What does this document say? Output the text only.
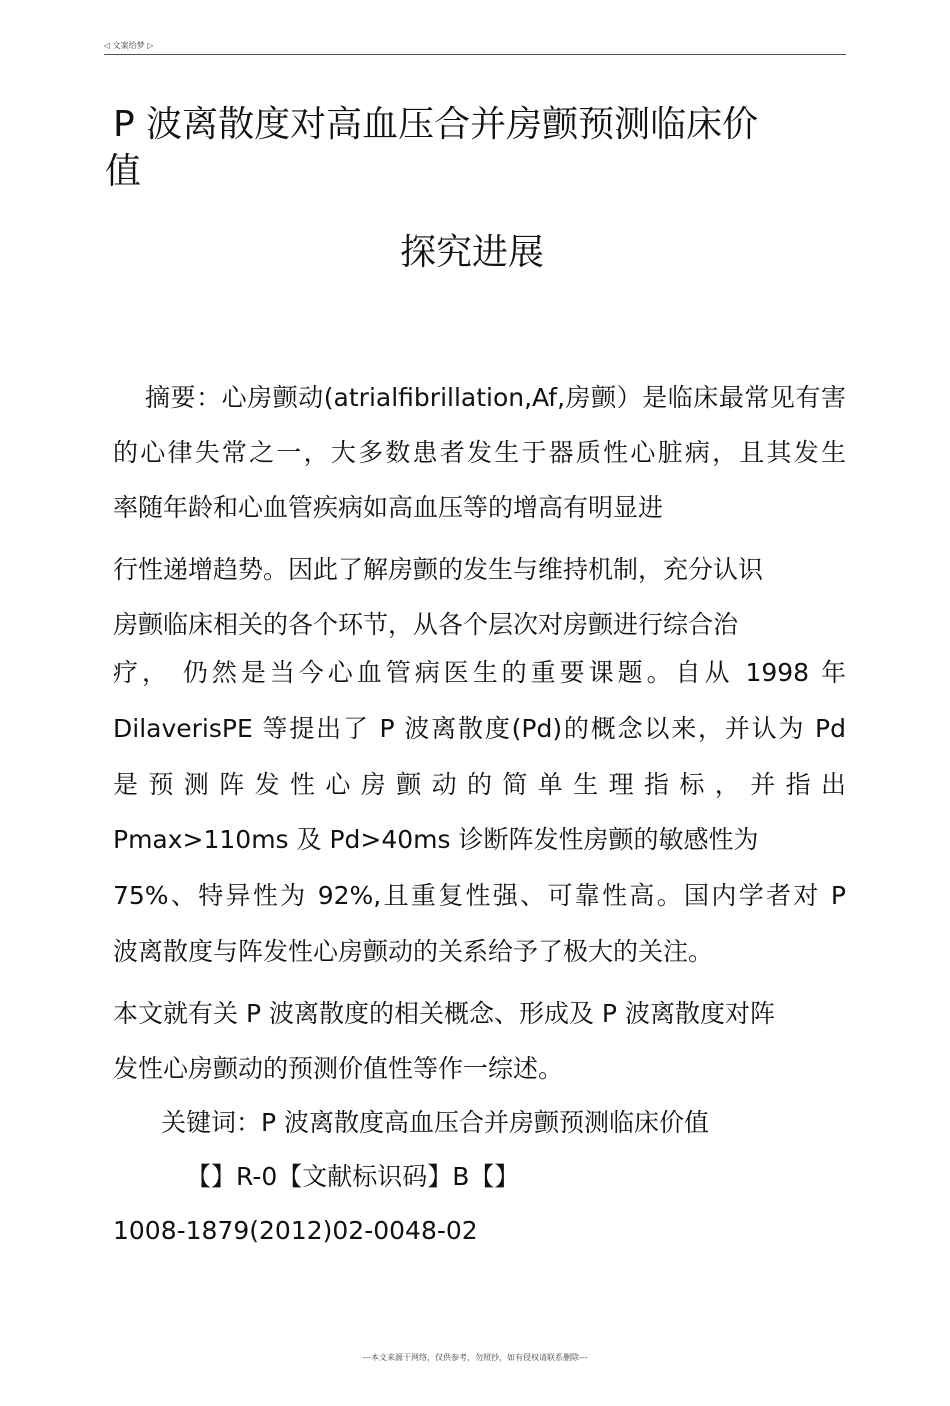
◁ 文案给梦 ▷
P 波离散度对高血压合并房颤预测临床价
值
探究进展
摘要：心房颤动(atrialfibrillation,Af,房颤）是临床最常见有害
的心律失常之一，大多数患者发生于器质性心脏病，且其发生
率随年龄和心血管疾病如高血压等的增高有明显进
行性递增趋势。因此了解房颤的发生与维持机制，充分认识
房颤临床相关的各个环节，从各个层次对房颤进行综合治
疗， 仍然是当今心血管病医生的重要课题。自从 1998 年
DilaverisPE 等提出了 P 波离散度(Pd)的概念以来，并认为 Pd
是预测阵发性心房颤动的简单生理指标，并指出
Pmax>110ms 及 Pd>40ms 诊断阵发性房颤的敏感性为
75%、特异性为 92%,且重复性强、可靠性高。国内学者对 P
波离散度与阵发性心房颤动的关系给予了极大的关注。
本文就有关 P 波离散度的相关概念、形成及 P 波离散度对阵
发性心房颤动的预测价值性等作一综述。
关键词：P 波离散度高血压合并房颤预测临床价值
【】R-0【文献标识码】B【】
1008-1879(2012)02-0048-02
---本文来源于网络，仅供参考，勿照抄，如有侵权请联系删除---
